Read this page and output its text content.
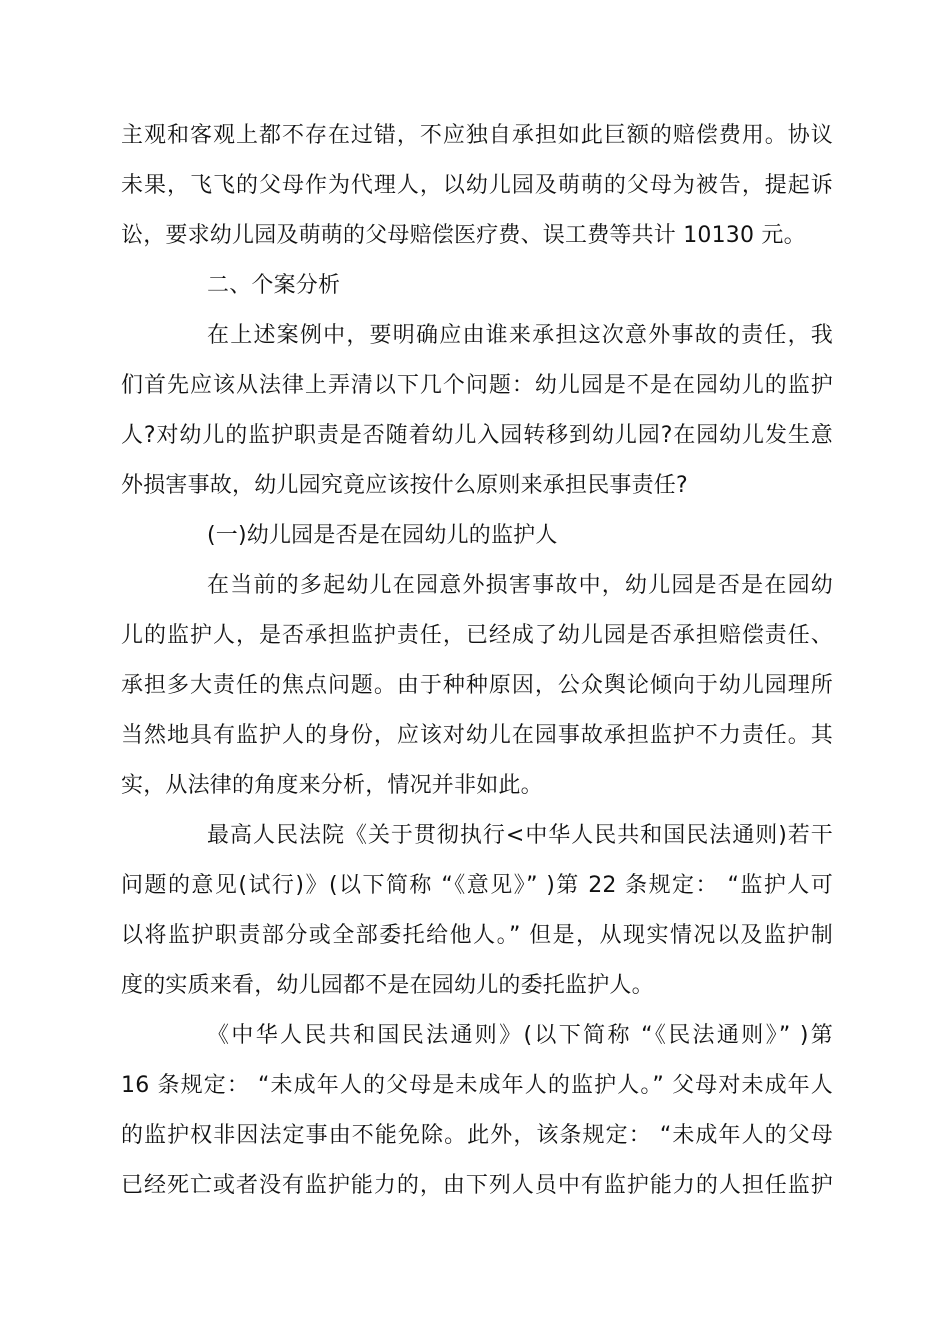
主观和客观上都不存在过错，不应独自承担如此巨额的赔偿费用。协议
未果，飞飞的父母作为代理人，以幼儿园及萌萌的父母为被告，提起诉
讼，要求幼儿园及萌萌的父母赔偿医疗费、误工费等共计 10130 元。
二、个案分析
在上述案例中，要明确应由谁来承担这次意外事故的责任，我
们首先应该从法律上弄清以下几个问题：幼儿园是不是在园幼儿的监护
人?对幼儿的监护职责是否随着幼儿入园转移到幼儿园?在园幼儿发生意
外损害事故，幼儿园究竟应该按什么原则来承担民事责任?
(一)幼儿园是否是在园幼儿的监护人
在当前的多起幼儿在园意外损害事故中，幼儿园是否是在园幼
儿的监护人，是否承担监护责任，已经成了幼儿园是否承担赔偿责任、
承担多大责任的焦点问题。由于种种原因，公众舆论倾向于幼儿园理所
当然地具有监护人的身份，应该对幼儿在园事故承担监护不力责任。其
实，从法律的角度来分析，情况并非如此。
最高人民法院《关于贯彻执行<中华人民共和国民法通则)若干
问题的意见(试行)》(以下简称 “《意见》” )第 22 条规定： “监护人可
以将监护职责部分或全部委托给他人。” 但是，从现实情况以及监护制
度的实质来看，幼儿园都不是在园幼儿的委托监护人。
《中华人民共和国民法通则》(以下简称 “《民法通则》” )第
16 条规定： “未成年人的父母是未成年人的监护人。” 父母对未成年人
的监护权非因法定事由不能免除。此外，该条规定： “未成年人的父母
已经死亡或者没有监护能力的，由下列人员中有监护能力的人担任监护
